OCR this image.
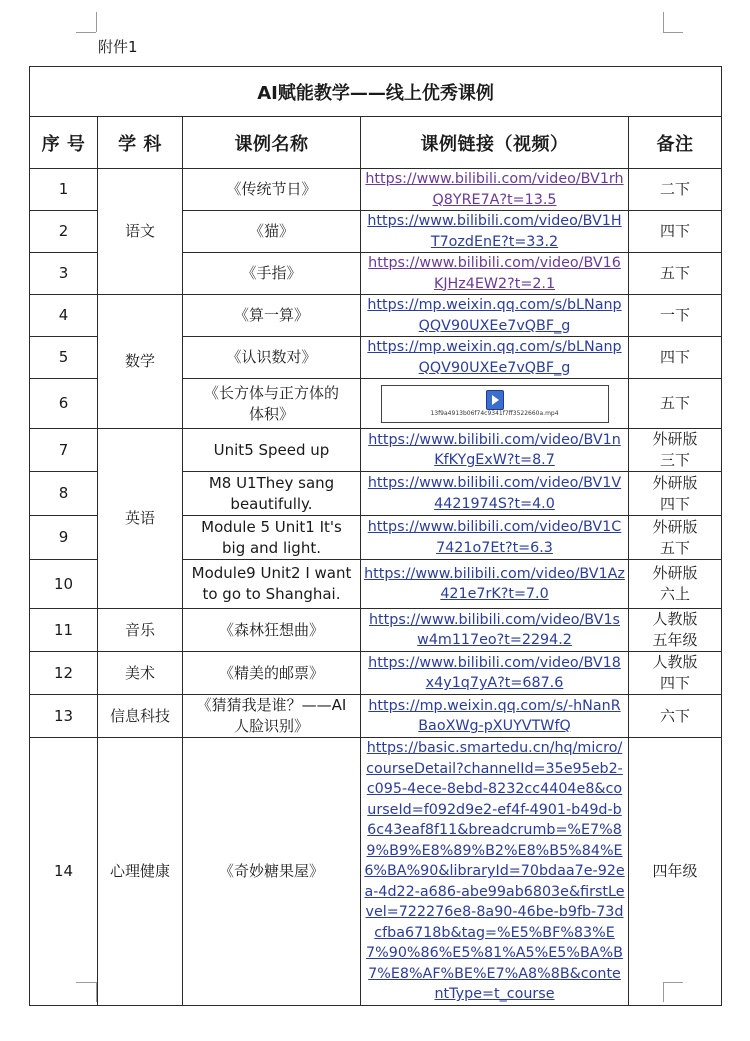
附件1
AI赋能教学——线上优秀课例				
序 号	学 科	课例名称	课例链接（视频）	备注
1	语文	《传统节日》	https://www.bilibili.com/video/BV1rhQ8YRE7A?t=13.5	二下
2		《猫》	https://www.bilibili.com/video/BV1HT7ozdEnE?t=33.2	四下
3		《手指》	https://www.bilibili.com/video/BV16KJHz4EW2?t=2.1	五下
4	数学	《算一算》	https://mp.weixin.qq.com/s/bLNanpQQV90UXEe7vQBF_g	一下
5		《认识数对》	https://mp.weixin.qq.com/s/bLNanpQQV90UXEe7vQBF_g	四下
6		《长方体与正方体的
体积》	13f9a4913b06f74c9341f7ff3522660a.mp4	五下
7	英语	Unit5 Speed up	https://www.bilibili.com/video/BV1nKfKYgExW?t=8.7	外研版
三下
8		M8 U1They sang
beautifully.	https://www.bilibili.com/video/BV1V4421974S?t=4.0	外研版
四下
9		Module 5 Unit1 It's
big and light.	https://www.bilibili.com/video/BV1C7421o7Et?t=6.3	外研版
五下
10		Module9 Unit2 I want
to go to Shanghai.	https://www.bilibili.com/video/BV1Az421e7rK?t=7.0	外研版
六上
11	音乐	《森林狂想曲》	https://www.bilibili.com/video/BV1sw4m117eo?t=2294.2	人教版
五年级
12	美术	《精美的邮票》	https://www.bilibili.com/video/BV18x4y1q7yA?t=687.6	人教版
四下
13	信息科技	《猜猜我是谁？——AI
人脸识别》	https://mp.weixin.qq.com/s/-hNanRBaoXWg-pXUYVTWfQ	六下
14	心理健康	《奇妙糖果屋》	https://basic.smartedu.cn/hq/micro/courseDetail?channelId=35e95eb2-c095-4ece-8ebd-8232cc4404e8&courseId=f092d9e2-ef4f-4901-b49d-b6c43eaf8f11&breadcrumb=%E7%89%B9%E8%89%B2%E8%B5%84%E6%BA%90&libraryId=70bdaa7e-92ea-4d22-a686-abe99ab6803e&firstLevel=722276e8-8a90-46be-b9fb-73dcfba6718b&tag=%E5%BF%83%E7%90%86%E5%81%A5%E5%BA%B7%E8%AF%BE%E7%A8%8B&contentType=t_course	四年级
